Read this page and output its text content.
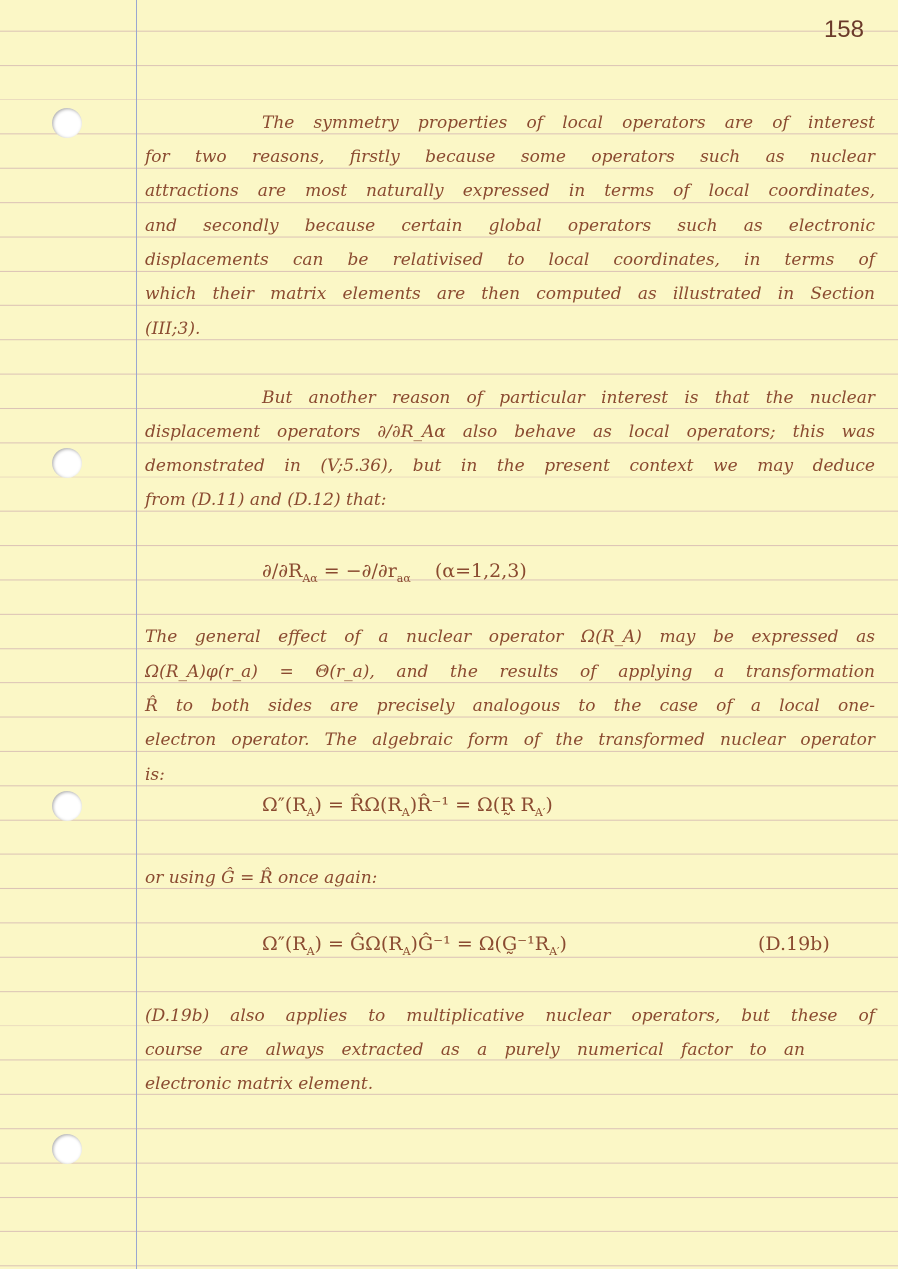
158
The symmetry properties of local operators are of interest
for two reasons, firstly because some operators such as nuclear
attractions are most naturally expressed in terms of local coordinates,
and secondly because certain global operators such as electronic
displacements can be relativised to local coordinates, in terms of
which their matrix elements are then computed as illustrated in Section
(III;3).
But another reason of particular interest is that the nuclear
displacement operators ∂/∂R_Aα also behave as local operators; this was
demonstrated in (V;5.36), but in the present context we may deduce
from (D.11) and (D.12) that:
$\partial/\partial R_{A\alpha} = -\partial/\partial r_{a\alpha}$ (α=1,2,3)
The general effect of a nuclear operator Ω(R_A) may be expressed as
Ω(R_A)φ(r_a) = Θ(r_a), and the results of applying a transformation
R̂ to both sides are precisely analogous to the case of a local one-
electron operator. The algebraic form of the transformed nuclear operator
is:
$\Omega''(R_A)$ = $R̂\Omega(R_A)R̂^{-1}$ = Ω(R̰ $R_{A'}$)
or using Ĝ = R̂ once again:
$\Omega''(R_A)$ = $Ĝ\Omega(R_A)Ĝ^{-1}$ = $\Omega(G̰^{-1}R_{A'})$	(D.19b)
(D.19b) also applies to multiplicative nuclear operators, but these of
course are always extracted as a purely numerical factor to an
electronic matrix element.
